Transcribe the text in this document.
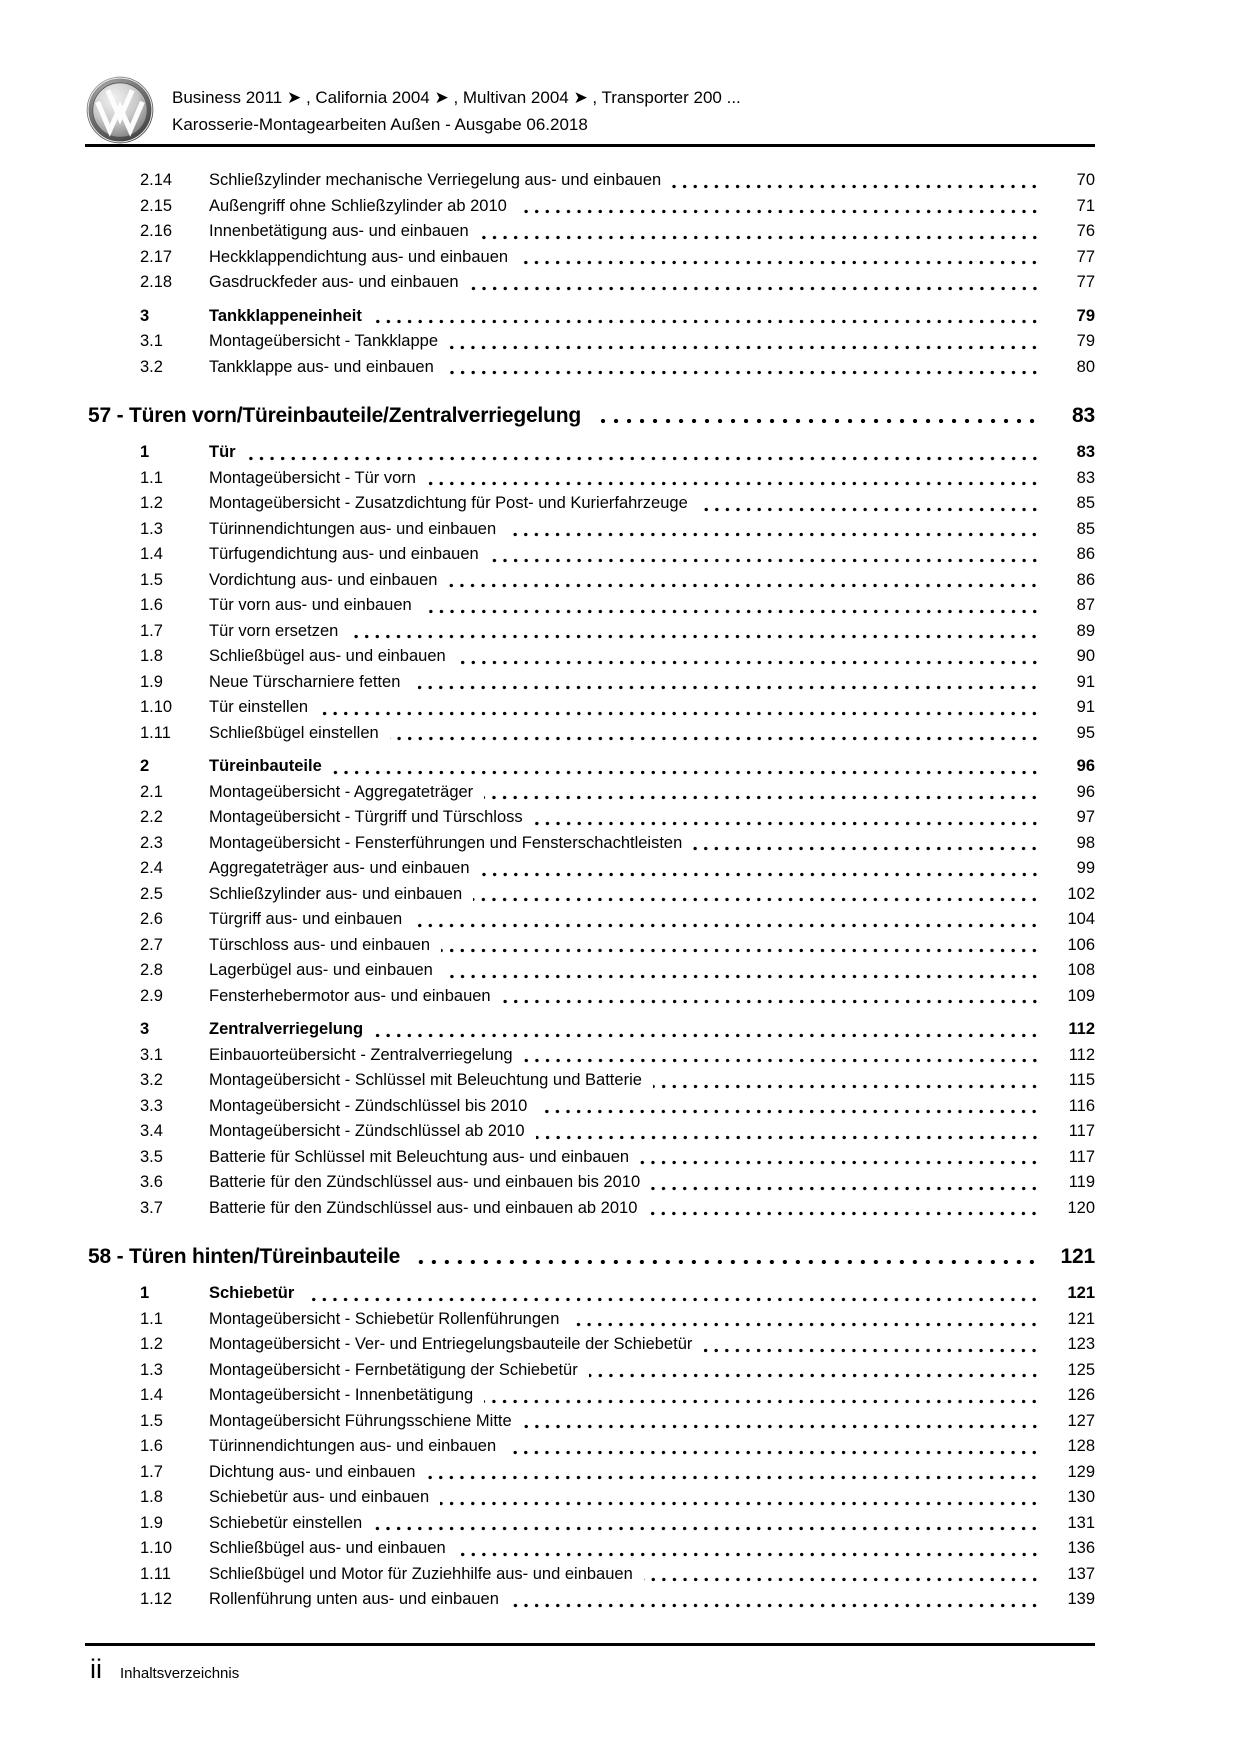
Business 2011 ➤ , California 2004 ➤ , Multivan 2004 ➤ , Transporter 200 ...
Karosserie-Montagearbeiten Außen - Ausgabe 06.2018
2.14	Schließzylinder mechanische Verriegelung aus- und einbauen	70
2.15	Außengriff ohne Schließzylinder ab 2010	71
2.16	Innenbetätigung aus- und einbauen	76
2.17	Heckklappendichtung aus- und einbauen	77
2.18	Gasdruckfeder aus- und einbauen	77
3	Tankklappeneinheit	79
3.1	Montageübersicht - Tankklappe	79
3.2	Tankklappe aus- und einbauen	80
57 - Türen vorn/Türeinbauteile/Zentralverriegelung	83
1	Tür	83
1.1	Montageübersicht - Tür vorn	83
1.2	Montageübersicht - Zusatzdichtung für Post- und Kurierfahrzeuge	85
1.3	Türinnendichtungen aus- und einbauen	85
1.4	Türfugendichtung aus- und einbauen	86
1.5	Vordichtung aus- und einbauen	86
1.6	Tür vorn aus- und einbauen	87
1.7	Tür vorn ersetzen	89
1.8	Schließbügel aus- und einbauen	90
1.9	Neue Türscharniere fetten	91
1.10	Tür einstellen	91
1.11	Schließbügel einstellen	95
2	Türeinbauteile	96
2.1	Montageübersicht - Aggregateträger	96
2.2	Montageübersicht - Türgriff und Türschloss	97
2.3	Montageübersicht - Fensterführungen und Fensterschachtleisten	98
2.4	Aggregateträger aus- und einbauen	99
2.5	Schließzylinder aus- und einbauen	102
2.6	Türgriff aus- und einbauen	104
2.7	Türschloss aus- und einbauen	106
2.8	Lagerbügel aus- und einbauen	108
2.9	Fensterhebermotor aus- und einbauen	109
3	Zentralverriegelung	112
3.1	Einbauorteübersicht - Zentralverriegelung	112
3.2	Montageübersicht - Schlüssel mit Beleuchtung und Batterie	115
3.3	Montageübersicht - Zündschlüssel bis 2010	116
3.4	Montageübersicht - Zündschlüssel ab 2010	117
3.5	Batterie für Schlüssel mit Beleuchtung aus- und einbauen	117
3.6	Batterie für den Zündschlüssel aus- und einbauen bis 2010	119
3.7	Batterie für den Zündschlüssel aus- und einbauen ab 2010	120
58 - Türen hinten/Türeinbauteile	121
1	Schiebetür	121
1.1	Montageübersicht - Schiebetür Rollenführungen	121
1.2	Montageübersicht - Ver- und Entriegelungsbauteile der Schiebetür	123
1.3	Montageübersicht - Fernbetätigung der Schiebetür	125
1.4	Montageübersicht - Innenbetätigung	126
1.5	Montageübersicht Führungsschiene Mitte	127
1.6	Türinnendichtungen aus- und einbauen	128
1.7	Dichtung aus- und einbauen	129
1.8	Schiebetür aus- und einbauen	130
1.9	Schiebetür einstellen	131
1.10	Schließbügel aus- und einbauen	136
1.11	Schließbügel und Motor für Zuziehhilfe aus- und einbauen	137
1.12	Rollenführung unten aus- und einbauen	139
ii Inhaltsverzeichnis
